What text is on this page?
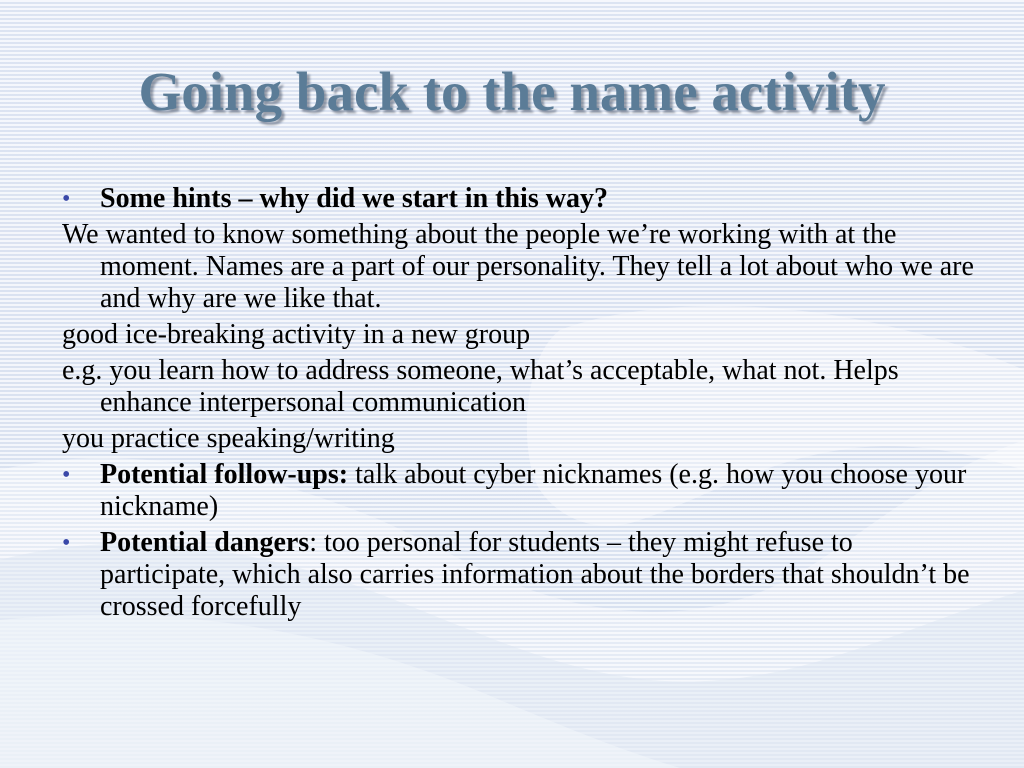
Going back to the name activity
•	Some hints – why did we start in this way?
We wanted to know something about the people we’re working with at the moment. Names are a part of our personality. They tell a lot about who we are and why are we like that.
good ice-breaking activity in a new group
e.g. you learn how to address someone, what’s acceptable, what not. Helps enhance interpersonal communication
you practice speaking/writing
•	Potential follow-ups: talk about cyber nicknames (e.g. how you choose your nickname)
•	Potential dangers: too personal for students – they might refuse to participate, which also carries information about the borders that shouldn’t be crossed forcefully
